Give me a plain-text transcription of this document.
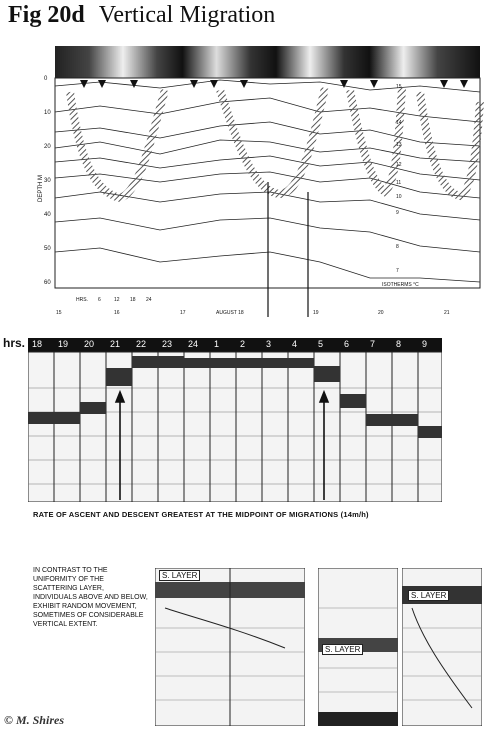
Fig 20d Vertical Migration
DEPTH M
0
10
20
30
40
50
60
HRS. 6	12 18 24
15	16	17	AUGUST 18	19	20	21
15
14
13
12
11
10
9
8
7
ISOTHERMS °C
hrs. 18 19 20 21 22 23 24 1 2 3 4 5 6 7 8 9
RATE OF ASCENT AND DESCENT GREATEST AT THE MIDPOINT OF MIGRATIONS (14m/h)
IN CONTRAST TO THE UNIFORMITY OF THE SCATTERING LAYER, INDIVIDUALS ABOVE AND BELOW, EXHIBIT RANDOM MOVEMENT, SOMETIMES OF CONSIDERABLE VERTICAL EXTENT.
S. LAYER
S. LAYER
S. LAYER
© M. Shires
